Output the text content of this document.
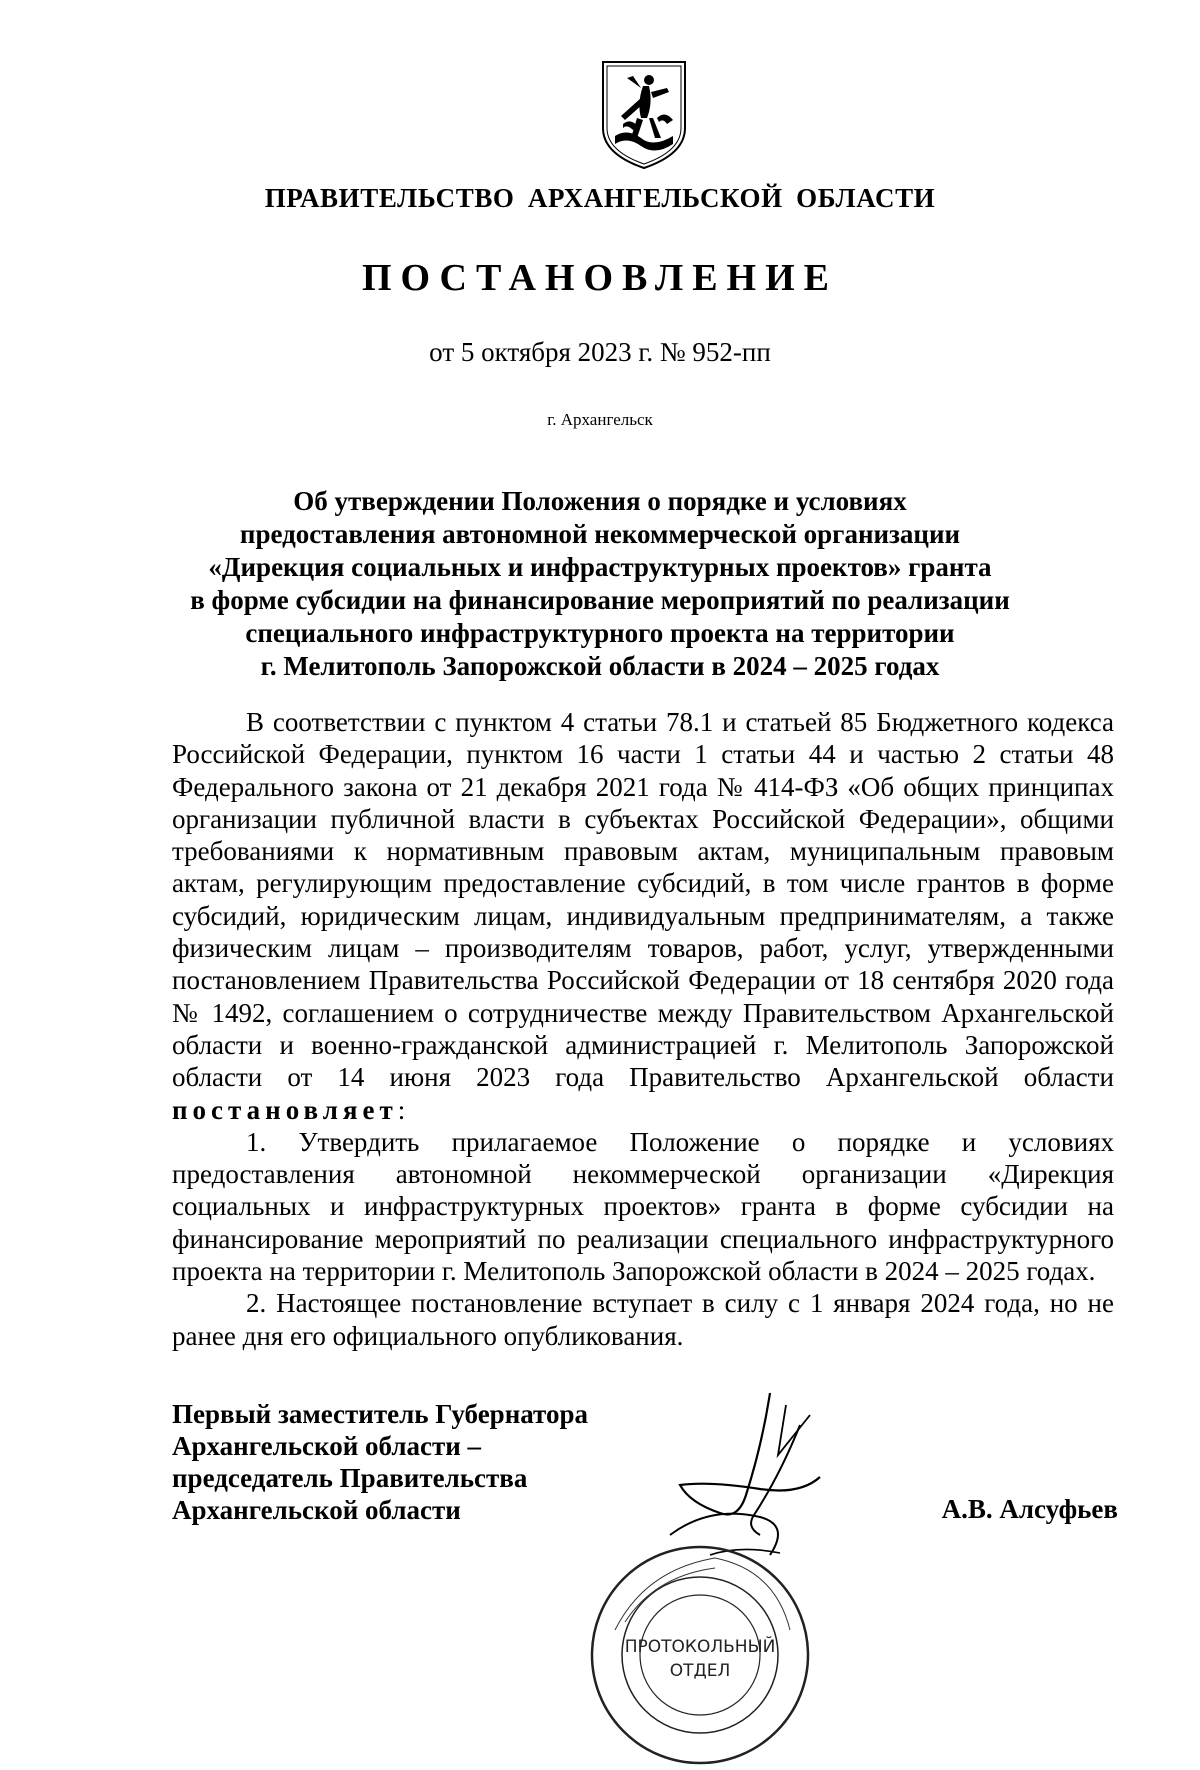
ПРАВИТЕЛЬСТВО АРХАНГЕЛЬСКОЙ ОБЛАСТИ
ПОСТАНОВЛЕНИЕ
от 5 октября 2023 г. № 952-пп
г. Архангельск
Об утверждении Положения о порядке и условиях
предоставления автономной некоммерческой организации
«Дирекция социальных и инфраструктурных проектов» гранта
в форме субсидии на финансирование мероприятий по реализации
специального инфраструктурного проекта на территории
г. Мелитополь Запорожской области в 2024 – 2025 годах

В соответствии с пунктом 4 статьи 78.1 и статьей 85 Бюджетного кодекса Российской Федерации, пунктом 16 части 1 статьи 44 и частью 2 статьи 48 Федерального закона от 21 декабря 2021 года № 414-ФЗ «Об общих принципах организации публичной власти в субъектах Российской Федерации», общими требованиями к нормативным правовым актам, муниципальным правовым актам, регулирующим предоставление субсидий, в том числе грантов в форме субсидий, юридическим лицам, индивидуальным предпринимателям, а также физическим лицам – производителям товаров, работ, услуг, утвержденными постановлением Правительства Российской Федерации от 18 сентября 2020 года № 1492, соглашением о сотрудничестве между Правительством Архангельской области и военно-гражданской администрацией г. Мелитополь Запорожской области от 14 июня 2023 года Правительство Архангельской области постановляет:

1. Утвердить прилагаемое Положение о порядке и условиях предоставления автономной некоммерческой организации «Дирекция социальных и инфраструктурных проектов» гранта в форме субсидии на финансирование мероприятий по реализации специального инфраструктурного проекта на территории г. Мелитополь Запорожской области в 2024 – 2025 годах.

2. Настоящее постановление вступает в силу с 1 января 2024 года, но не ранее дня его официального опубликования.

Первый заместитель Губернатора
Архангельской области –
председатель Правительства
Архангельской области	А.В. Алсуфьев
ПРОТОКОЛЬНЫЙ
ОТДЕЛ
